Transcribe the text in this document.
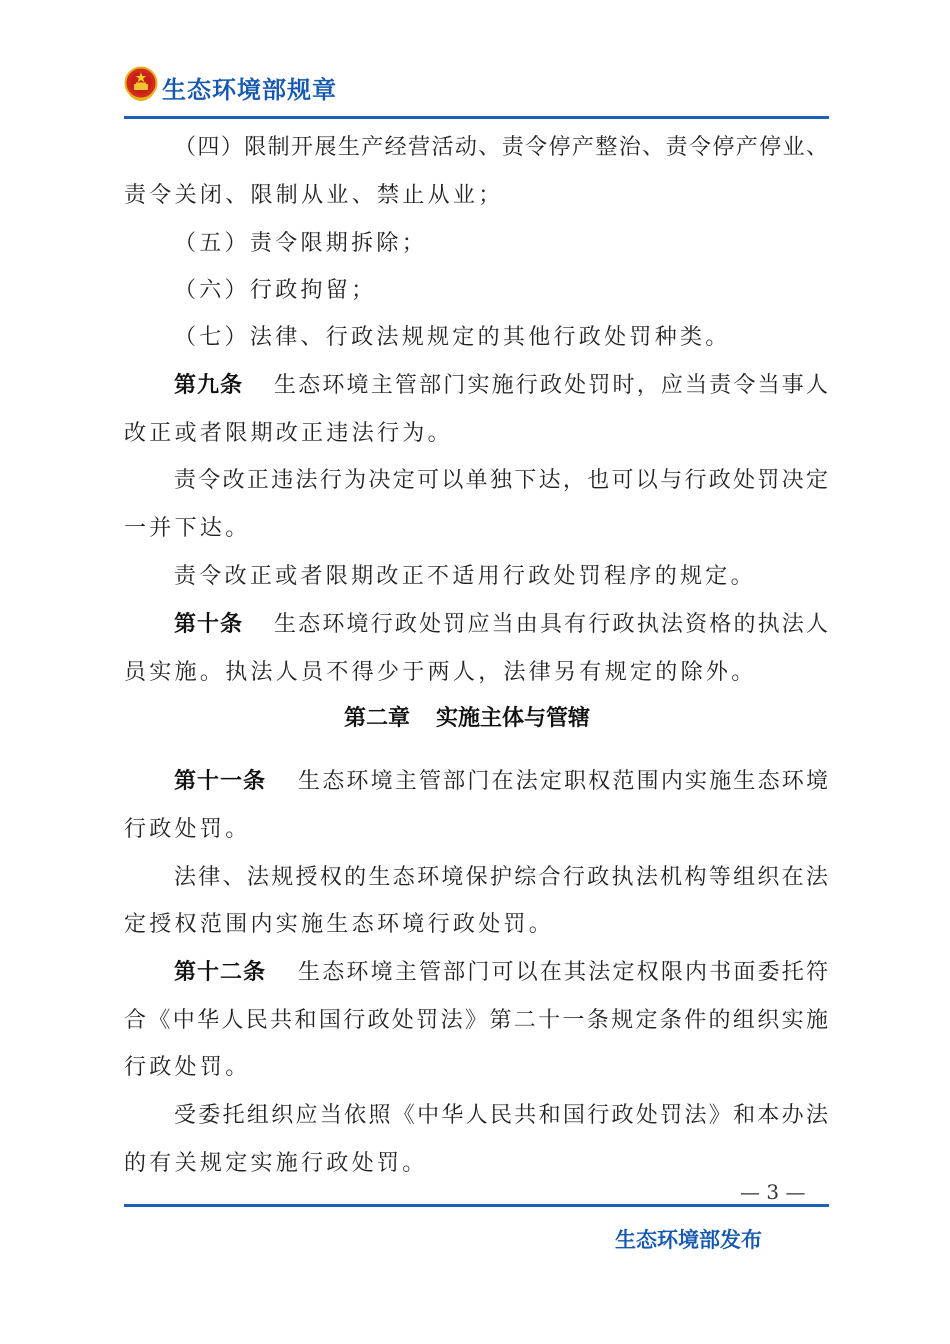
生态环境部规章
（四）限制开展生产经营活动、责令停产整治、责令停产停业、
责令关闭、限制从业、禁止从业；
（五）责令限期拆除；
（六）行政拘留；
（七）法律、行政法规规定的其他行政处罚种类。
第九条 生态环境主管部门实施行政处罚时，应当责令当事人
改正或者限期改正违法行为。
责令改正违法行为决定可以单独下达，也可以与行政处罚决定
一并下达。
责令改正或者限期改正不适用行政处罚程序的规定。
第十条 生态环境行政处罚应当由具有行政执法资格的执法人
员实施。执法人员不得少于两人，法律另有规定的除外。
第二章 实施主体与管辖
第十一条 生态环境主管部门在法定职权范围内实施生态环境
行政处罚。
法律、法规授权的生态环境保护综合行政执法机构等组织在法
定授权范围内实施生态环境行政处罚。
第十二条 生态环境主管部门可以在其法定权限内书面委托符
合《中华人民共和国行政处罚法》第二十一条规定条件的组织实施
行政处罚。
受委托组织应当依照《中华人民共和国行政处罚法》和本办法
的有关规定实施行政处罚。
— 3 —
生态环境部发布
